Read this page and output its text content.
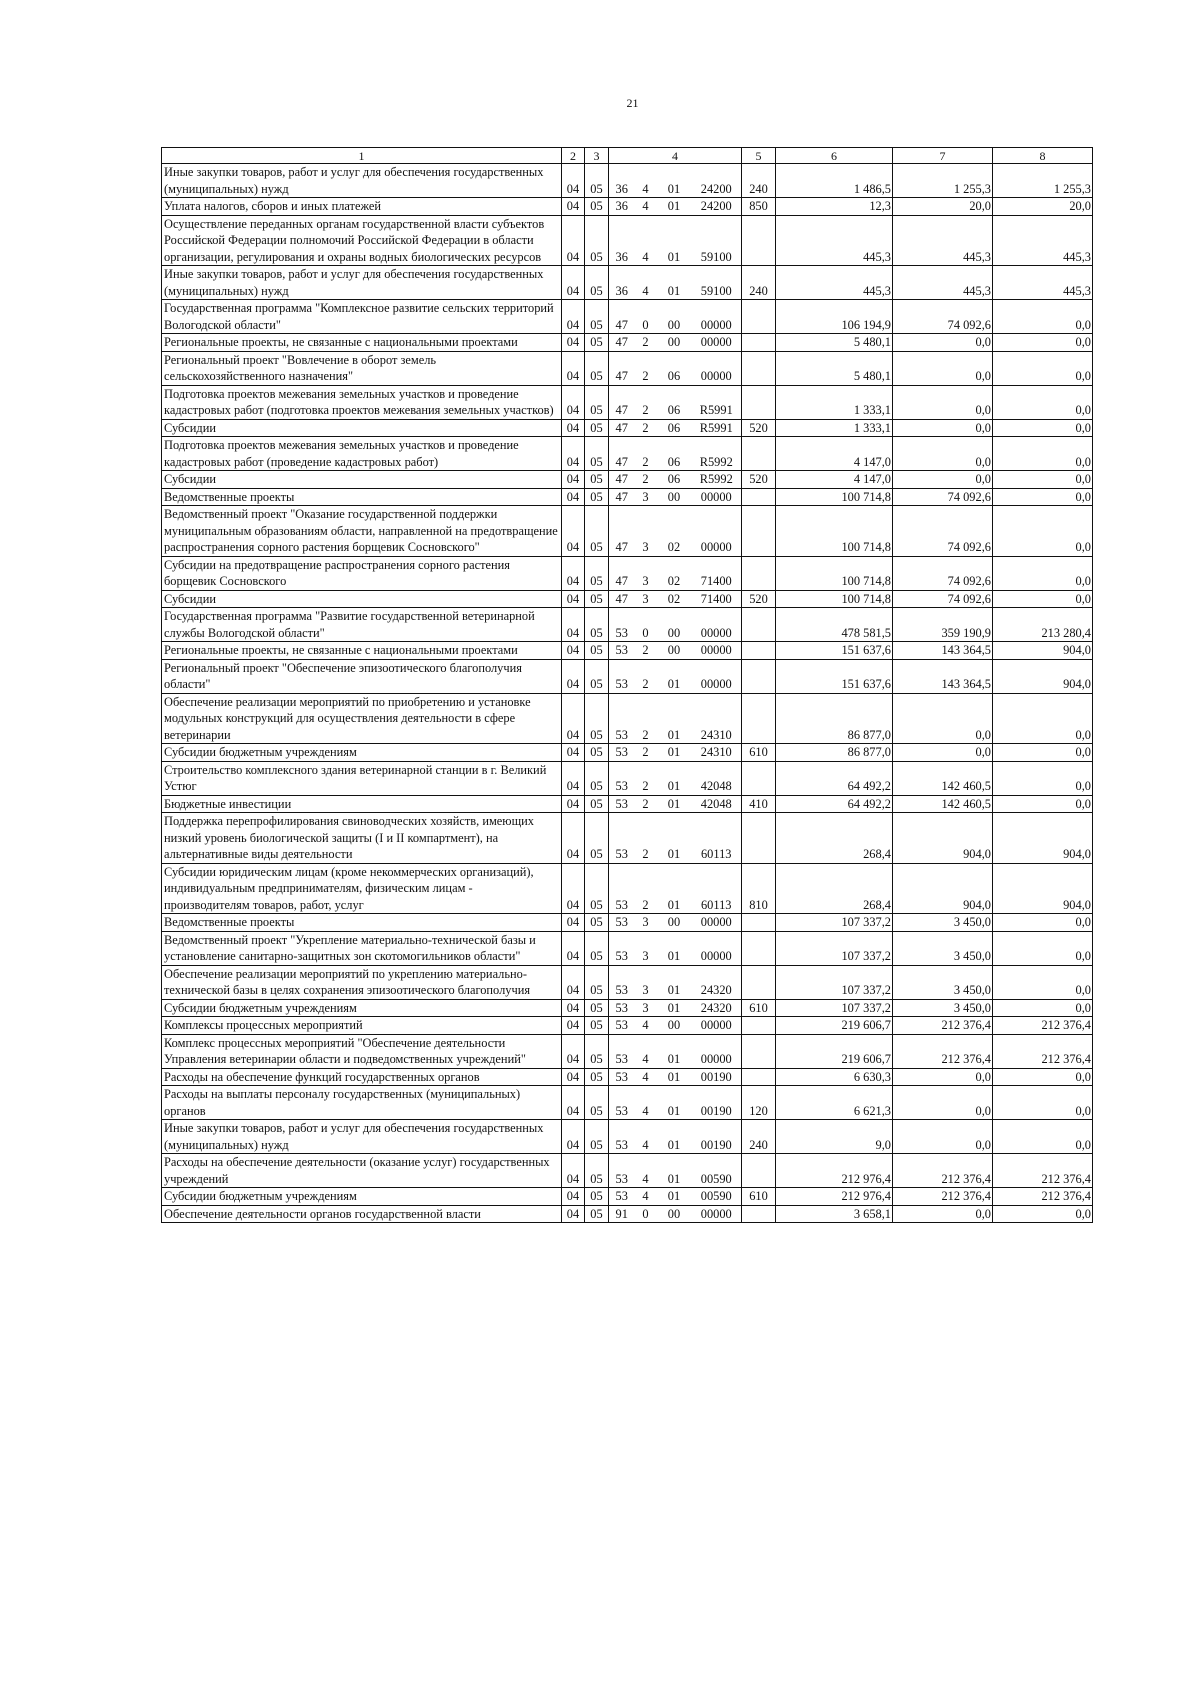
21
1	2	3	4				5	6	7	8
Иные закупки товаров, работ и услуг для обеспечения государственных (муниципальных) нужд	04	05	36	4	01	24200	240	1 486,5	1 255,3	1 255,3
Уплата налогов, сборов и иных платежей	04	05	36	4	01	24200	850	12,3	20,0	20,0
Осуществление переданных органам государственной власти субъектов Российской Федерации полномочий Российской Федерации в области организации, регулирования и охраны водных биологических ресурсов	04	05	36	4	01	59100		445,3	445,3	445,3
Иные закупки товаров, работ и услуг для обеспечения государственных (муниципальных) нужд	04	05	36	4	01	59100	240	445,3	445,3	445,3
Государственная программа "Комплексное развитие сельских территорий Вологодской области"	04	05	47	0	00	00000		106 194,9	74 092,6	0,0
Региональные проекты, не связанные с национальными проектами	04	05	47	2	00	00000		5 480,1	0,0	0,0
Региональный проект "Вовлечение в оборот земель сельскохозяйственного назначения"	04	05	47	2	06	00000		5 480,1	0,0	0,0
Подготовка проектов межевания земельных участков и проведение кадастровых работ (подготовка проектов межевания земельных участков)	04	05	47	2	06	R5991		1 333,1	0,0	0,0
Субсидии	04	05	47	2	06	R5991	520	1 333,1	0,0	0,0
Подготовка проектов межевания земельных участков и проведение кадастровых работ (проведение кадастровых работ)	04	05	47	2	06	R5992		4 147,0	0,0	0,0
Субсидии	04	05	47	2	06	R5992	520	4 147,0	0,0	0,0
Ведомственные проекты	04	05	47	3	00	00000		100 714,8	74 092,6	0,0
Ведомственный проект "Оказание государственной поддержки муниципальным образованиям области, направленной на предотвращение распространения сорного растения борщевик Сосновского"	04	05	47	3	02	00000		100 714,8	74 092,6	0,0
Субсидии на предотвращение распространения сорного растения борщевик Сосновского	04	05	47	3	02	71400		100 714,8	74 092,6	0,0
Субсидии	04	05	47	3	02	71400	520	100 714,8	74 092,6	0,0
Государственная программа "Развитие государственной ветеринарной службы Вологодской области"	04	05	53	0	00	00000		478 581,5	359 190,9	213 280,4
Региональные проекты, не связанные с национальными проектами	04	05	53	2	00	00000		151 637,6	143 364,5	904,0
Региональный проект "Обеспечение эпизоотического благополучия области"	04	05	53	2	01	00000		151 637,6	143 364,5	904,0
Обеспечение реализации мероприятий по приобретению и установке модульных конструкций для осуществления деятельности в сфере ветеринарии	04	05	53	2	01	24310		86 877,0	0,0	0,0
Субсидии бюджетным учреждениям	04	05	53	2	01	24310	610	86 877,0	0,0	0,0
Строительство комплексного здания ветеринарной станции в г. Великий Устюг	04	05	53	2	01	42048		64 492,2	142 460,5	0,0
Бюджетные инвестиции	04	05	53	2	01	42048	410	64 492,2	142 460,5	0,0
Поддержка перепрофилирования свиноводческих хозяйств, имеющих низкий уровень биологической защиты (I и II компартмент), на альтернативные виды деятельности	04	05	53	2	01	60113		268,4	904,0	904,0
Субсидии юридическим лицам (кроме некоммерческих организаций), индивидуальным предпринимателям, физическим лицам - производителям товаров, работ, услуг	04	05	53	2	01	60113	810	268,4	904,0	904,0
Ведомственные проекты	04	05	53	3	00	00000		107 337,2	3 450,0	0,0
Ведомственный проект "Укрепление материально-технической базы и установление санитарно-защитных зон скотомогильников области"	04	05	53	3	01	00000		107 337,2	3 450,0	0,0
Обеспечение реализации мероприятий по укреплению материально-технической базы в целях сохранения эпизоотического благополучия	04	05	53	3	01	24320		107 337,2	3 450,0	0,0
Субсидии бюджетным учреждениям	04	05	53	3	01	24320	610	107 337,2	3 450,0	0,0
Комплексы процессных мероприятий	04	05	53	4	00	00000		219 606,7	212 376,4	212 376,4
Комплекс процессных мероприятий "Обеспечение деятельности Управления ветеринарии области и подведомственных учреждений"	04	05	53	4	01	00000		219 606,7	212 376,4	212 376,4
Расходы на обеспечение функций государственных органов	04	05	53	4	01	00190		6 630,3	0,0	0,0
Расходы на выплаты персоналу государственных (муниципальных) органов	04	05	53	4	01	00190	120	6 621,3	0,0	0,0
Иные закупки товаров, работ и услуг для обеспечения государственных (муниципальных) нужд	04	05	53	4	01	00190	240	9,0	0,0	0,0
Расходы на обеспечение деятельности (оказание услуг) государственных учреждений	04	05	53	4	01	00590		212 976,4	212 376,4	212 376,4
Субсидии бюджетным учреждениям	04	05	53	4	01	00590	610	212 976,4	212 376,4	212 376,4
Обеспечение деятельности органов государственной власти	04	05	91	0	00	00000		3 658,1	0,0	0,0
